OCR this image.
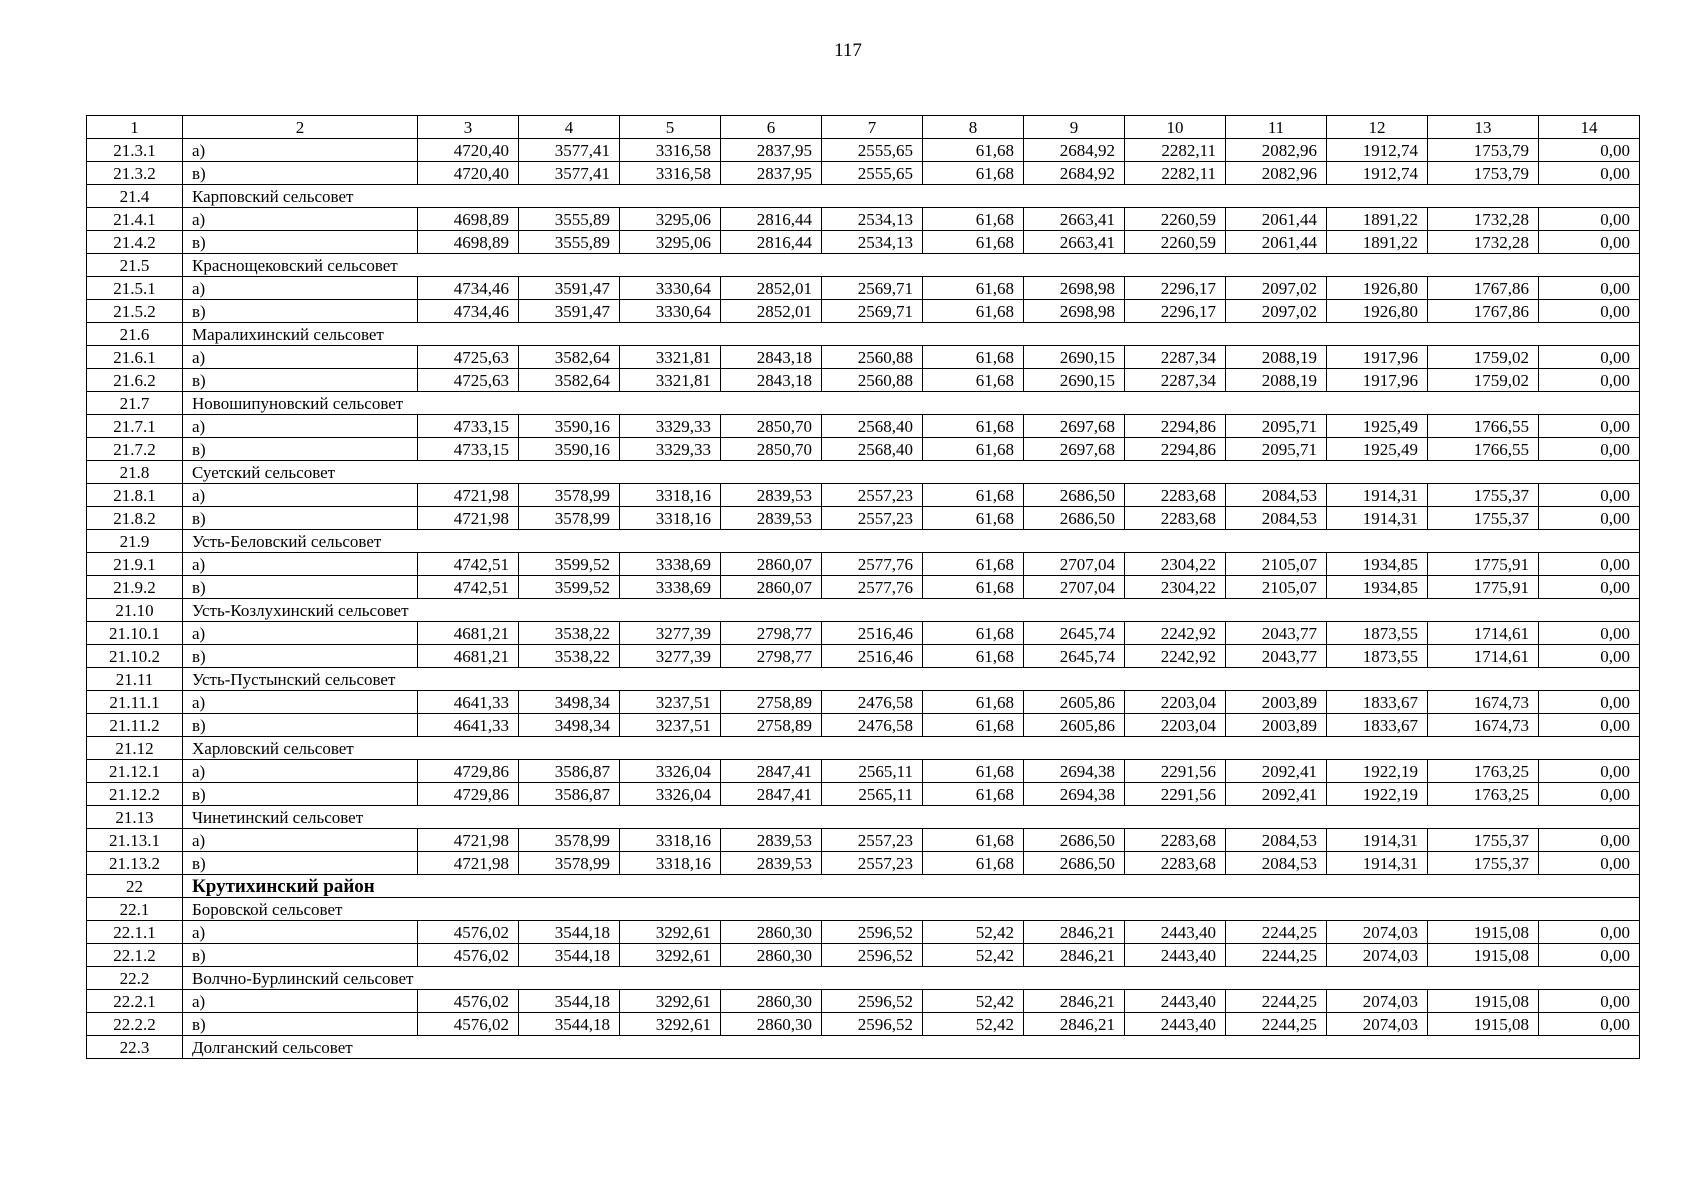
117
1	2	3	4	5	6	7	8	9	10	11	12	13	14
21.3.1	а)	4720,40	3577,41	3316,58	2837,95	2555,65	61,68	2684,92	2282,11	2082,96	1912,74	1753,79	0,00
21.3.2	в)	4720,40	3577,41	3316,58	2837,95	2555,65	61,68	2684,92	2282,11	2082,96	1912,74	1753,79	0,00
21.4	Карповский сельсовет												
21.4.1	а)	4698,89	3555,89	3295,06	2816,44	2534,13	61,68	2663,41	2260,59	2061,44	1891,22	1732,28	0,00
21.4.2	в)	4698,89	3555,89	3295,06	2816,44	2534,13	61,68	2663,41	2260,59	2061,44	1891,22	1732,28	0,00
21.5	Краснощековский сельсовет												
21.5.1	а)	4734,46	3591,47	3330,64	2852,01	2569,71	61,68	2698,98	2296,17	2097,02	1926,80	1767,86	0,00
21.5.2	в)	4734,46	3591,47	3330,64	2852,01	2569,71	61,68	2698,98	2296,17	2097,02	1926,80	1767,86	0,00
21.6	Маралихинский сельсовет												
21.6.1	а)	4725,63	3582,64	3321,81	2843,18	2560,88	61,68	2690,15	2287,34	2088,19	1917,96	1759,02	0,00
21.6.2	в)	4725,63	3582,64	3321,81	2843,18	2560,88	61,68	2690,15	2287,34	2088,19	1917,96	1759,02	0,00
21.7	Новошипуновский сельсовет												
21.7.1	а)	4733,15	3590,16	3329,33	2850,70	2568,40	61,68	2697,68	2294,86	2095,71	1925,49	1766,55	0,00
21.7.2	в)	4733,15	3590,16	3329,33	2850,70	2568,40	61,68	2697,68	2294,86	2095,71	1925,49	1766,55	0,00
21.8	Суетский сельсовет												
21.8.1	а)	4721,98	3578,99	3318,16	2839,53	2557,23	61,68	2686,50	2283,68	2084,53	1914,31	1755,37	0,00
21.8.2	в)	4721,98	3578,99	3318,16	2839,53	2557,23	61,68	2686,50	2283,68	2084,53	1914,31	1755,37	0,00
21.9	Усть-Беловский сельсовет												
21.9.1	а)	4742,51	3599,52	3338,69	2860,07	2577,76	61,68	2707,04	2304,22	2105,07	1934,85	1775,91	0,00
21.9.2	в)	4742,51	3599,52	3338,69	2860,07	2577,76	61,68	2707,04	2304,22	2105,07	1934,85	1775,91	0,00
21.10	Усть-Козлухинский сельсовет												
21.10.1	а)	4681,21	3538,22	3277,39	2798,77	2516,46	61,68	2645,74	2242,92	2043,77	1873,55	1714,61	0,00
21.10.2	в)	4681,21	3538,22	3277,39	2798,77	2516,46	61,68	2645,74	2242,92	2043,77	1873,55	1714,61	0,00
21.11	Усть-Пустынский сельсовет												
21.11.1	а)	4641,33	3498,34	3237,51	2758,89	2476,58	61,68	2605,86	2203,04	2003,89	1833,67	1674,73	0,00
21.11.2	в)	4641,33	3498,34	3237,51	2758,89	2476,58	61,68	2605,86	2203,04	2003,89	1833,67	1674,73	0,00
21.12	Харловский сельсовет												
21.12.1	а)	4729,86	3586,87	3326,04	2847,41	2565,11	61,68	2694,38	2291,56	2092,41	1922,19	1763,25	0,00
21.12.2	в)	4729,86	3586,87	3326,04	2847,41	2565,11	61,68	2694,38	2291,56	2092,41	1922,19	1763,25	0,00
21.13	Чинетинский сельсовет												
21.13.1	а)	4721,98	3578,99	3318,16	2839,53	2557,23	61,68	2686,50	2283,68	2084,53	1914,31	1755,37	0,00
21.13.2	в)	4721,98	3578,99	3318,16	2839,53	2557,23	61,68	2686,50	2283,68	2084,53	1914,31	1755,37	0,00
22	Крутихинский район												
22.1	Боровской сельсовет												
22.1.1	а)	4576,02	3544,18	3292,61	2860,30	2596,52	52,42	2846,21	2443,40	2244,25	2074,03	1915,08	0,00
22.1.2	в)	4576,02	3544,18	3292,61	2860,30	2596,52	52,42	2846,21	2443,40	2244,25	2074,03	1915,08	0,00
22.2	Волчно-Бурлинский сельсовет												
22.2.1	а)	4576,02	3544,18	3292,61	2860,30	2596,52	52,42	2846,21	2443,40	2244,25	2074,03	1915,08	0,00
22.2.2	в)	4576,02	3544,18	3292,61	2860,30	2596,52	52,42	2846,21	2443,40	2244,25	2074,03	1915,08	0,00
22.3	Долганский сельсовет												
